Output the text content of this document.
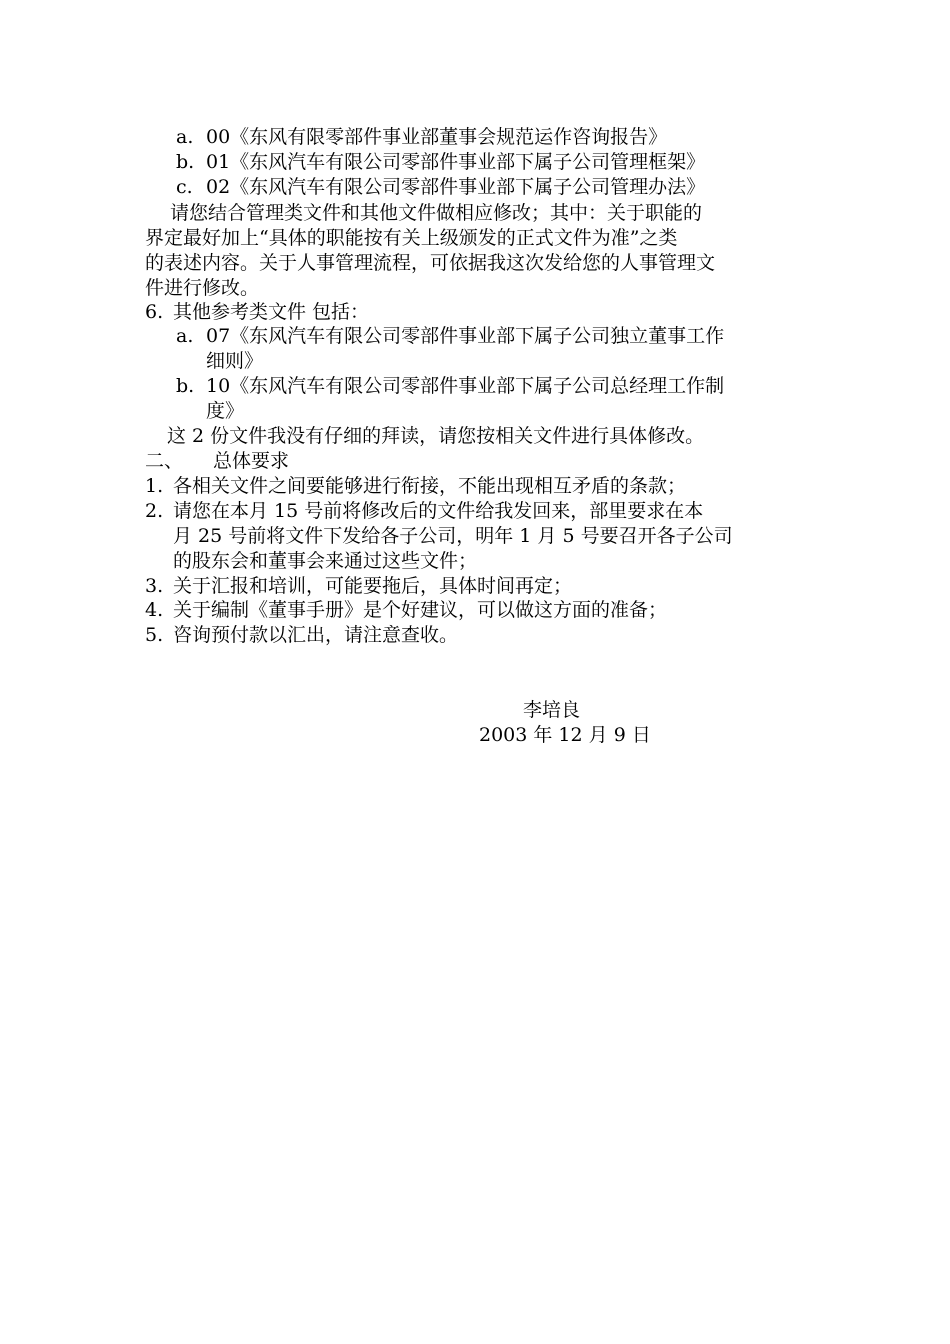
a. 00《东风有限零部件事业部董事会规范运作咨询报告》
b. 01《东风汽车有限公司零部件事业部下属子公司管理框架》
c. 02《东风汽车有限公司零部件事业部下属子公司管理办法》
请您结合管理类文件和其他文件做相应修改；其中：关于职能的
界定最好加上“具体的职能按有关上级颁发的正式文件为准”之类
的表述内容。关于人事管理流程，可依据我这次发给您的人事管理文
件进行修改。
6. 其他参考类文件 包括：
a. 07《东风汽车有限公司零部件事业部下属子公司独立董事工作
细则》
b. 10《东风汽车有限公司零部件事业部下属子公司总经理工作制
度》
这 2 份文件我没有仔细的拜读，请您按相关文件进行具体修改。
二、 总体要求
1. 各相关文件之间要能够进行衔接，不能出现相互矛盾的条款；
2. 请您在本月 15 号前将修改后的文件给我发回来，部里要求在本
月 25 号前将文件下发给各子公司，明年 1 月 5 号要召开各子公司
的股东会和董事会来通过这些文件；
3. 关于汇报和培训，可能要拖后，具体时间再定；
4. 关于编制《董事手册》是个好建议，可以做这方面的准备；
5. 咨询预付款以汇出，请注意查收。
李培良
2003 年 12 月 9 日
